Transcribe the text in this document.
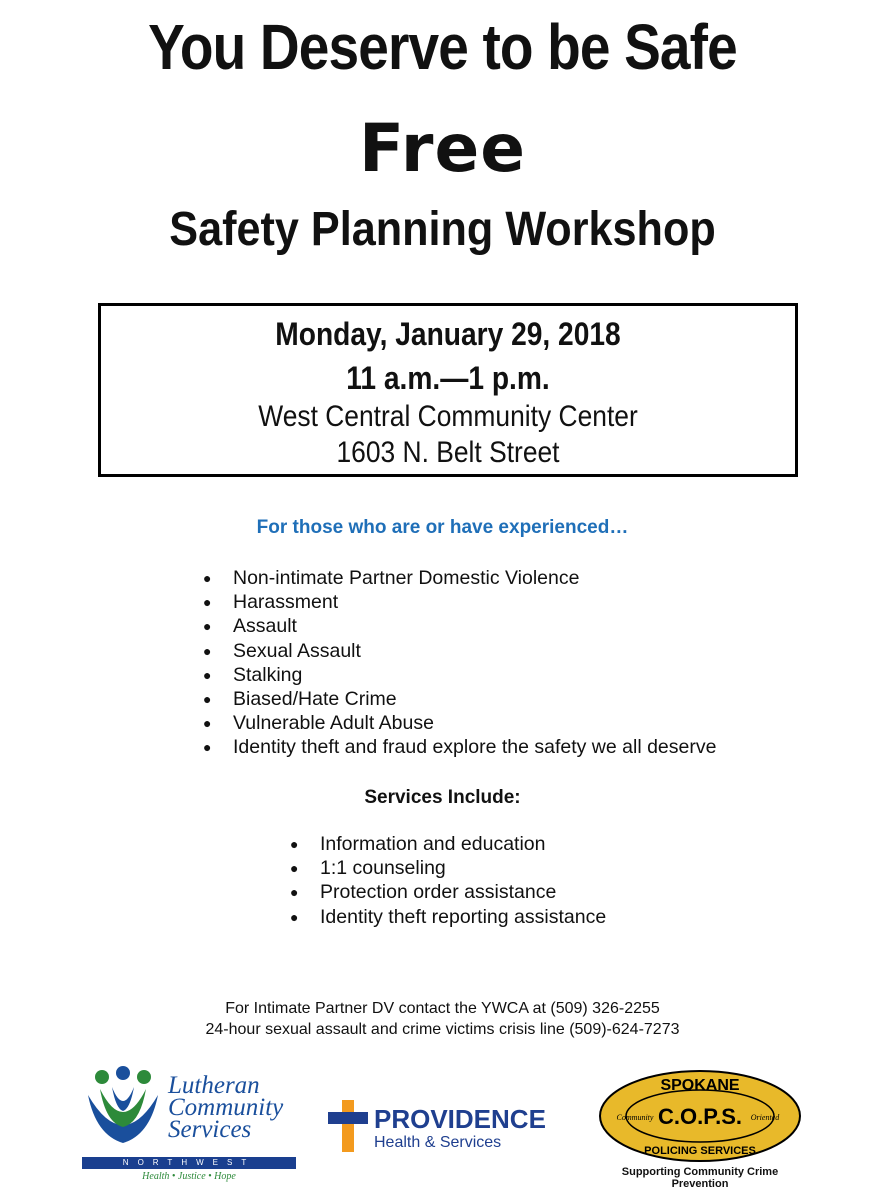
You Deserve to be Safe
Free
Safety Planning Workshop
Monday, January 29, 2018
11 a.m.—1 p.m.
West Central Community Center
1603 N. Belt Street
For those who are or have experienced…
● Non-intimate Partner Domestic Violence
● Harassment
● Assault
● Sexual Assault
● Stalking
● Biased/Hate Crime
● Vulnerable Adult Abuse
● Identity theft and fraud explore the safety we all deserve
Services Include:
● Information and education
● 1:1 counseling
● Protection order assistance
● Identity theft reporting assistance
For Intimate Partner DV contact the YWCA at (509) 326-2255
24-hour sexual assault and crime victims crisis line (509)-624-7273
Lutheran
Community
Services
NORTHWEST
Health • Justice • Hope
PROVIDENCE
Health & Services
SPOKANE
C.O.P.S.
Community	Oriented
POLICING SERVICES
Supporting Community Crime Prevention
